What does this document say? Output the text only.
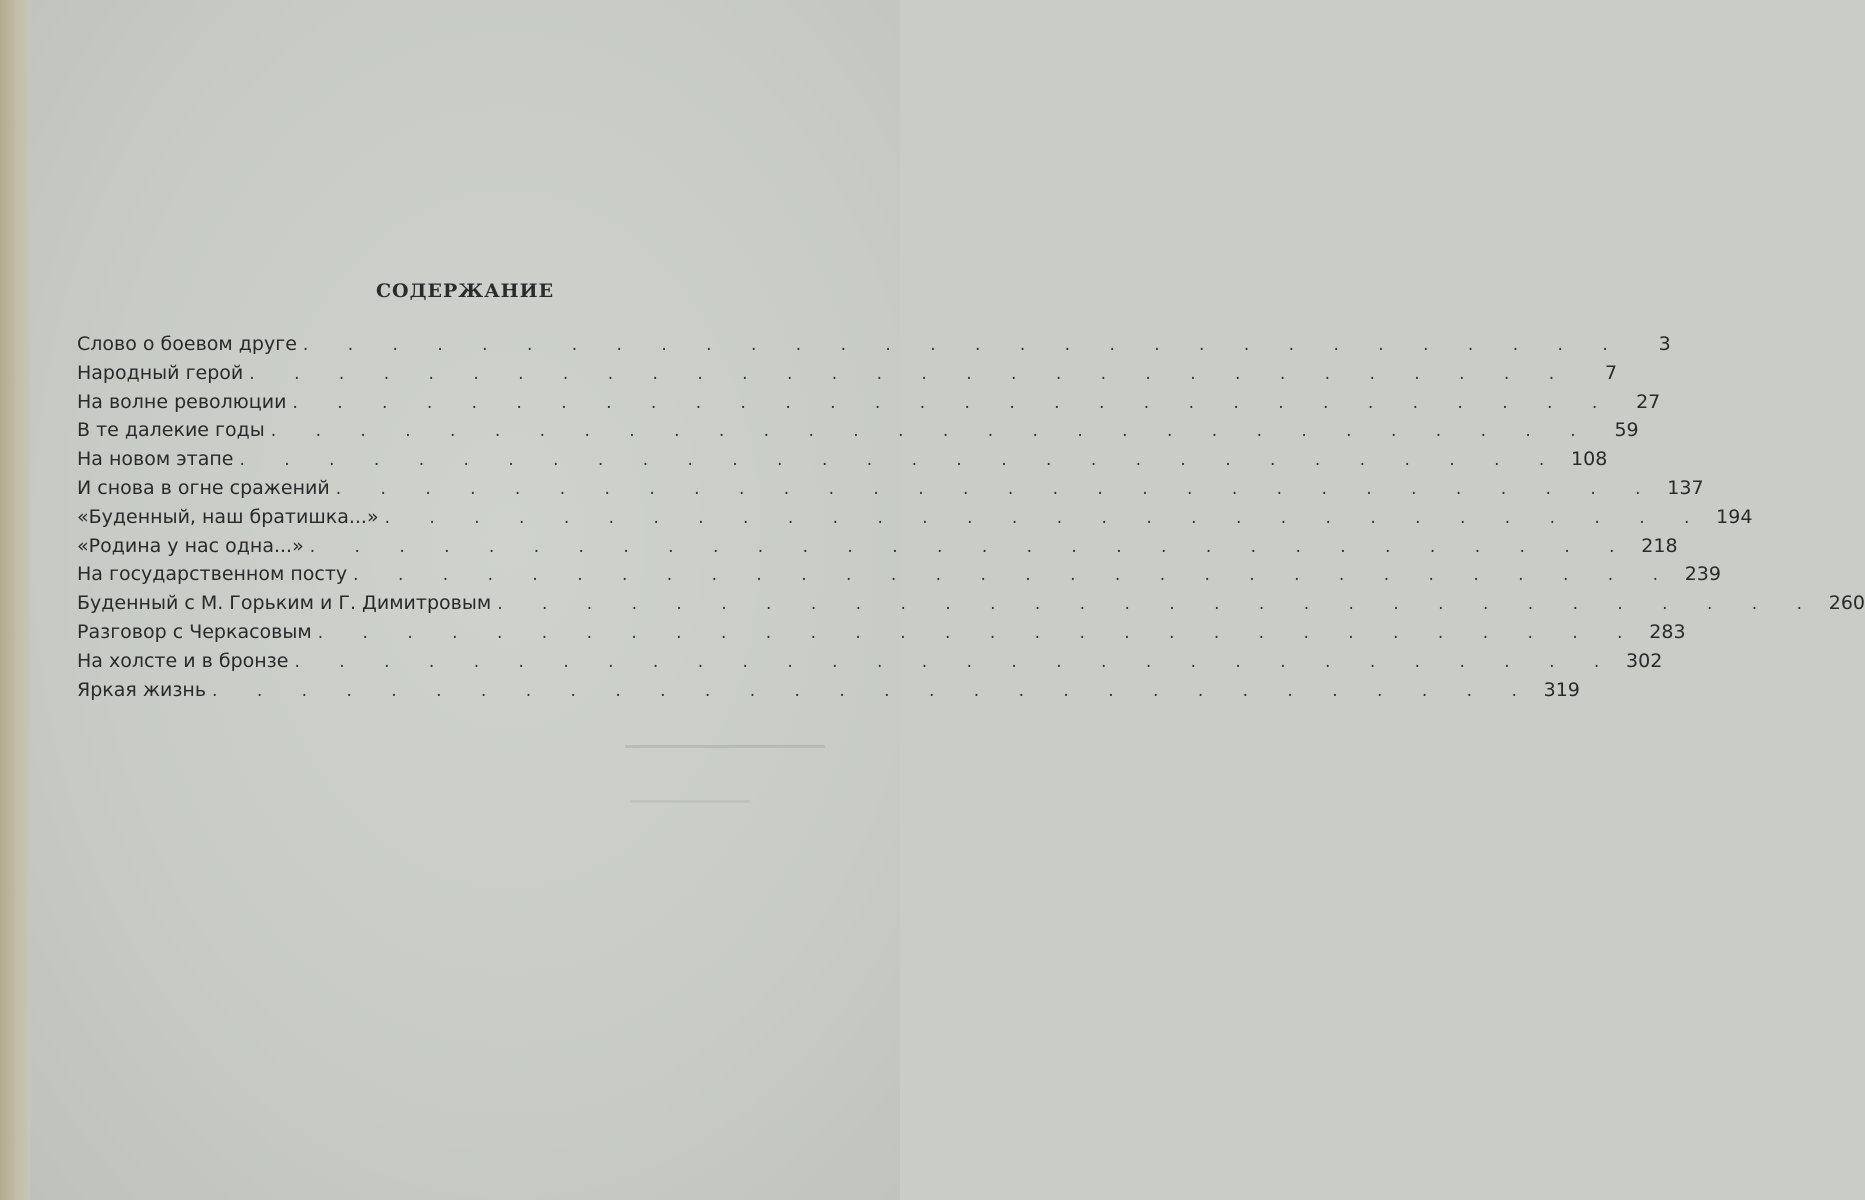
СОДЕРЖАНИЕ
Слово о боевом друге . . . . . . . . . . . . . . . . . . . . . . . . . . . . . .	3
Народный герой . . . . . . . . . . . . . . . . . . . . . . . . . . . . . .	7
На волне революции . . . . . . . . . . . . . . . . . . . . . . . . . . . . . .	27
В те далекие годы . . . . . . . . . . . . . . . . . . . . . . . . . . . . . .	59
На новом этапе . . . . . . . . . . . . . . . . . . . . . . . . . . . . . . 108
И снова в огне сражений . . . . . . . . . . . . . . . . . . . . . . . . . . . . . . 137
«Буденный, наш братишка...» . . . . . . . . . . . . . . . . . . . . . . . . . . . . . . 194
«Родина у нас одна...» . . . . . . . . . . . . . . . . . . . . . . . . . . . . . . 218
На государственном посту . . . . . . . . . . . . . . . . . . . . . . . . . . . . . . 239
Буденный с М. Горьким и Г. Димитровым . . . . . . . . . . . . . . . . . . . . . . . . . . . . . . 260
Разговор с Черкасовым . . . . . . . . . . . . . . . . . . . . . . . . . . . . . . 283
На холсте и в бронзе . . . . . . . . . . . . . . . . . . . . . . . . . . . . . . 302
Яркая жизнь . . . . . . . . . . . . . . . . . . . . . . . . . . . . . . 319
